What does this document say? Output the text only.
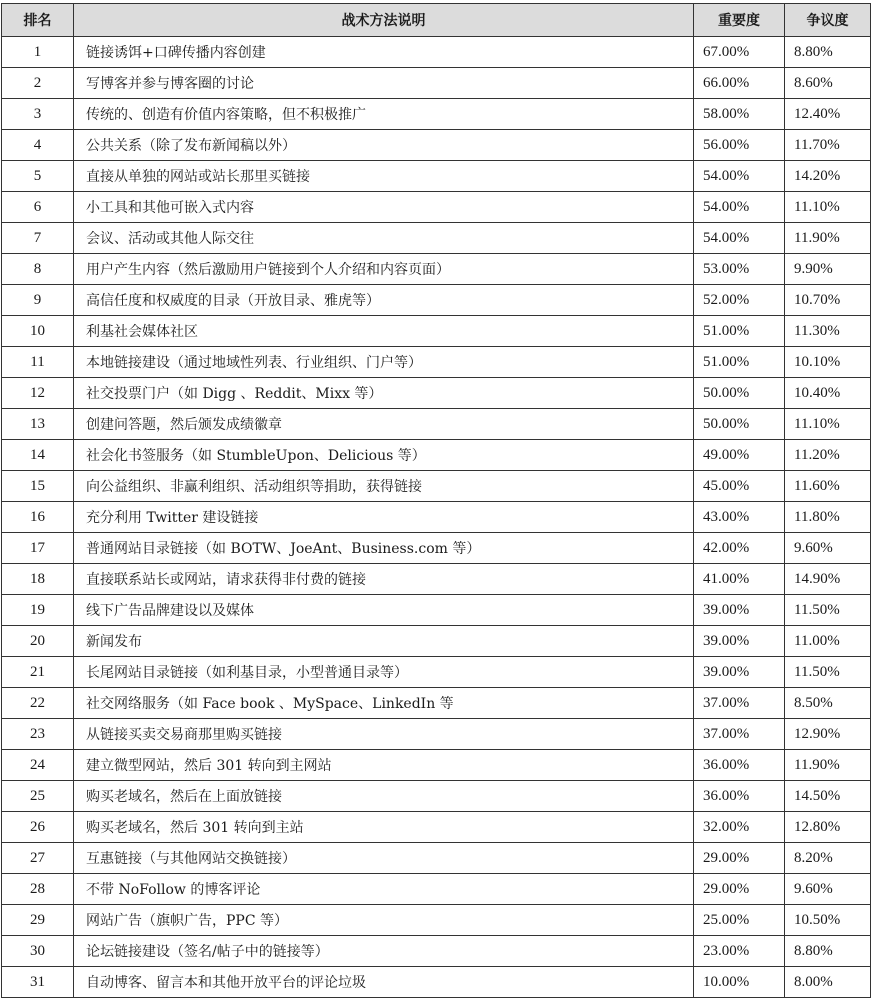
排名	战术方法说明	重要度	争议度
1	链接诱饵+口碑传播内容创建	67.00%	8.80%
2	写博客并参与博客圈的讨论	66.00%	8.60%
3	传统的、创造有价值内容策略，但不积极推广	58.00%	12.40%
4	公共关系（除了发布新闻稿以外）	56.00%	11.70%
5	直接从单独的网站或站长那里买链接	54.00%	14.20%
6	小工具和其他可嵌入式内容	54.00%	11.10%
7	会议、活动或其他人际交往	54.00%	11.90%
8	用户产生内容（然后激励用户链接到个人介绍和内容页面）	53.00%	9.90%
9	高信任度和权威度的目录（开放目录、雅虎等）	52.00%	10.70%
10	利基社会媒体社区	51.00%	11.30%
11	本地链接建设（通过地域性列表、行业组织、门户等）	51.00%	10.10%
12	社交投票门户（如 Digg 、Reddit、Mixx 等）	50.00%	10.40%
13	创建问答题，然后颁发成绩徽章	50.00%	11.10%
14	社会化书签服务（如 StumbleUpon、Delicious 等）	49.00%	11.20%
15	向公益组织、非赢利组织、活动组织等捐助，获得链接	45.00%	11.60%
16	充分利用 Twitter 建设链接	43.00%	11.80%
17	普通网站目录链接（如 BOTW、JoeAnt、Business.com 等）	42.00%	9.60%
18	直接联系站长或网站，请求获得非付费的链接	41.00%	14.90%
19	线下广告品牌建设以及媒体	39.00%	11.50%
20	新闻发布	39.00%	11.00%
21	长尾网站目录链接（如利基目录，小型普通目录等）	39.00%	11.50%
22	社交网络服务（如 Face book 、MySpace、LinkedIn 等	37.00%	8.50%
23	从链接买卖交易商那里购买链接	37.00%	12.90%
24	建立微型网站，然后 301 转向到主网站	36.00%	11.90%
25	购买老域名，然后在上面放链接	36.00%	14.50%
26	购买老域名，然后 301 转向到主站	32.00%	12.80%
27	互惠链接（与其他网站交换链接）	29.00%	8.20%
28	不带 NoFollow 的博客评论	29.00%	9.60%
29	网站广告（旗帜广告，PPC 等）	25.00%	10.50%
30	论坛链接建设（签名/帖子中的链接等）	23.00%	8.80%
31	自动博客、留言本和其他开放平台的评论垃圾	10.00%	8.00%
